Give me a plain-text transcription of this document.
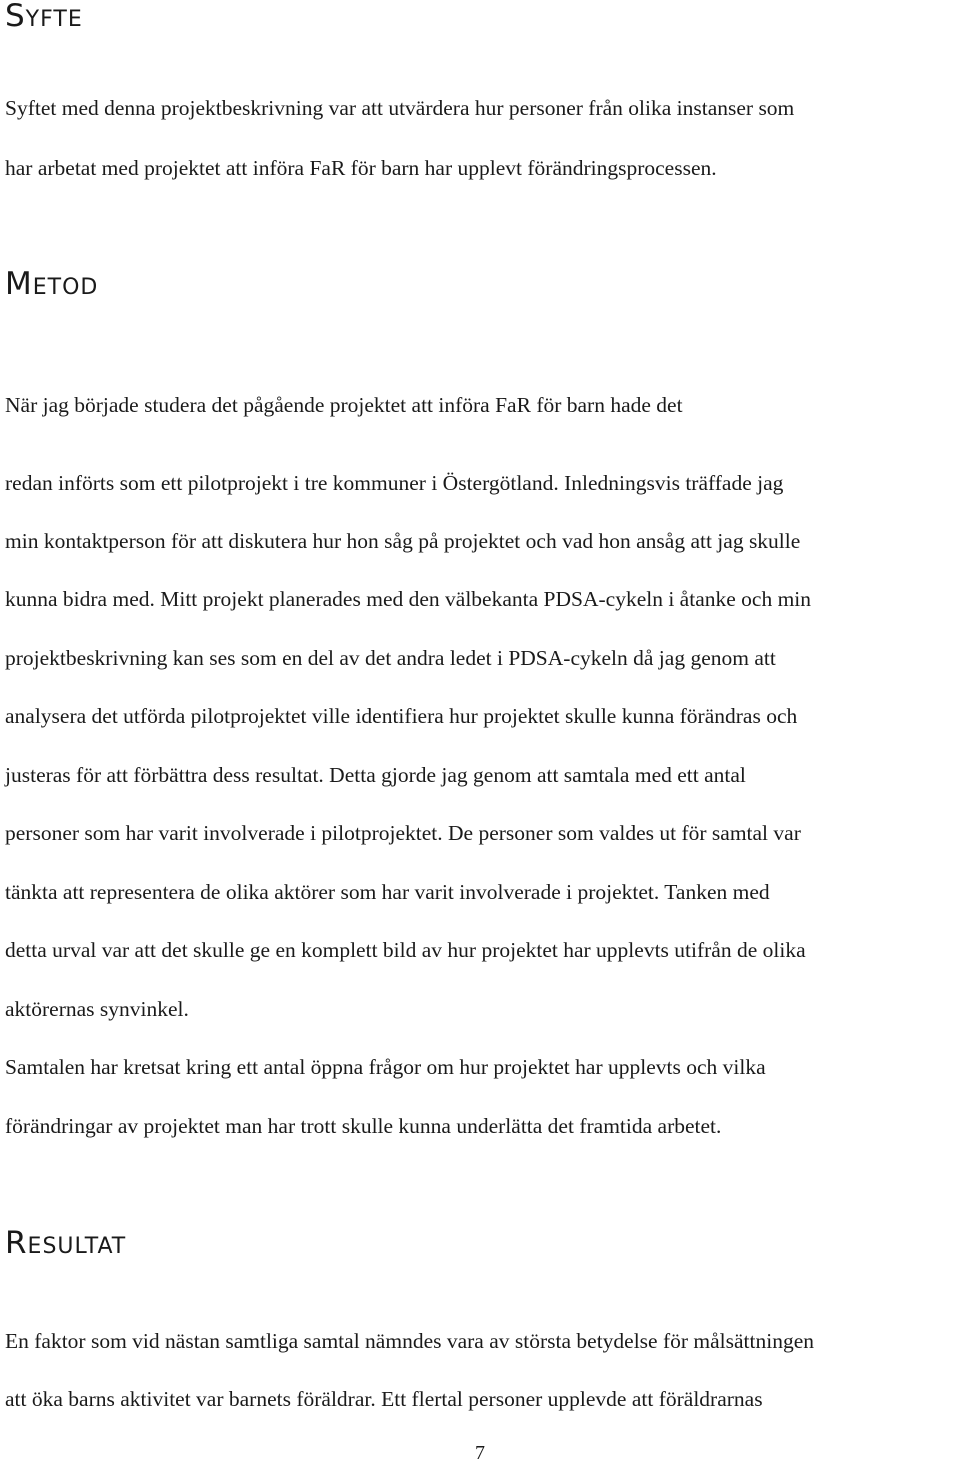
Syfte

Syftet med denna projektbeskrivning var att utvärdera hur personer från olika instanser som

har arbetat med projektet att införa FaR för barn har upplevt förändringsprocessen.

Metod

När jag började studera det pågående projektet att införa FaR för barn hade det

redan införts som ett pilotprojekt i tre kommuner i Östergötland. Inledningsvis träffade jag

min kontaktperson för att diskutera hur hon såg på projektet och vad hon ansåg att jag skulle

kunna bidra med. Mitt projekt planerades med den välbekanta PDSA-cykeln i åtanke och min

projektbeskrivning kan ses som en del av det andra ledet i PDSA-cykeln då jag genom att

analysera det utförda pilotprojektet ville identifiera hur projektet skulle kunna förändras och

justeras för att förbättra dess resultat. Detta gjorde jag genom att samtala med ett antal

personer som har varit involverade i pilotprojektet. De personer som valdes ut för samtal var

tänkta att representera de olika aktörer som har varit involverade i projektet. Tanken med

detta urval var att det skulle ge en komplett bild av hur projektet har upplevts utifrån de olika

aktörernas synvinkel.

Samtalen har kretsat kring ett antal öppna frågor om hur projektet har upplevts och vilka

förändringar av projektet man har trott skulle kunna underlätta det framtida arbetet.

Resultat

En faktor som vid nästan samtliga samtal nämndes vara av största betydelse för målsättningen

att öka barns aktivitet var barnets föräldrar. Ett flertal personer upplevde att föräldrarnas

7
